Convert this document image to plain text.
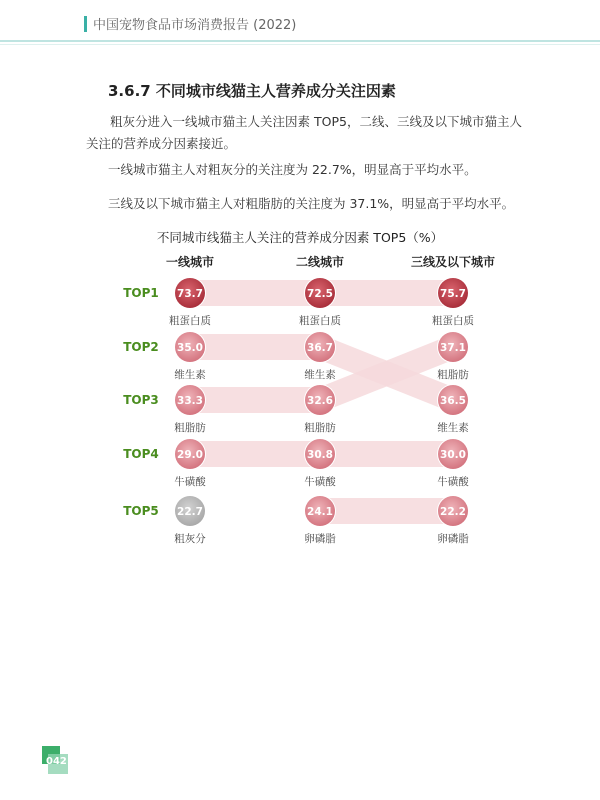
中国宠物食品市场消费报告 (2022)
3.6.7 不同城市线猫主人营养成分关注因素
粗灰分进入一线城市猫主人关注因素 TOP5，二线、三线及以下城市猫主人关注的营养成分因素接近。
一线城市猫主人对粗灰分的关注度为 22.7%，明显高于平均水平。
三线及以下城市猫主人对粗脂肪的关注度为 37.1%，明显高于平均水平。
不同城市线猫主人关注的营养成分因素 TOP5（%）
一线城市	二线城市	三线及以下城市
TOP1
TOP2
TOP3
TOP4
TOP5
73.7
粗蛋白质
72.5
粗蛋白质
75.7
粗蛋白质
35.0
维生素
36.7
维生素
37.1
粗脂肪
33.3
粗脂肪
32.6
粗脂肪
36.5
维生素
29.0
牛磺酸
30.8
牛磺酸
30.0
牛磺酸
22.7
粗灰分
24.1
卵磷脂
22.2
卵磷脂
042
